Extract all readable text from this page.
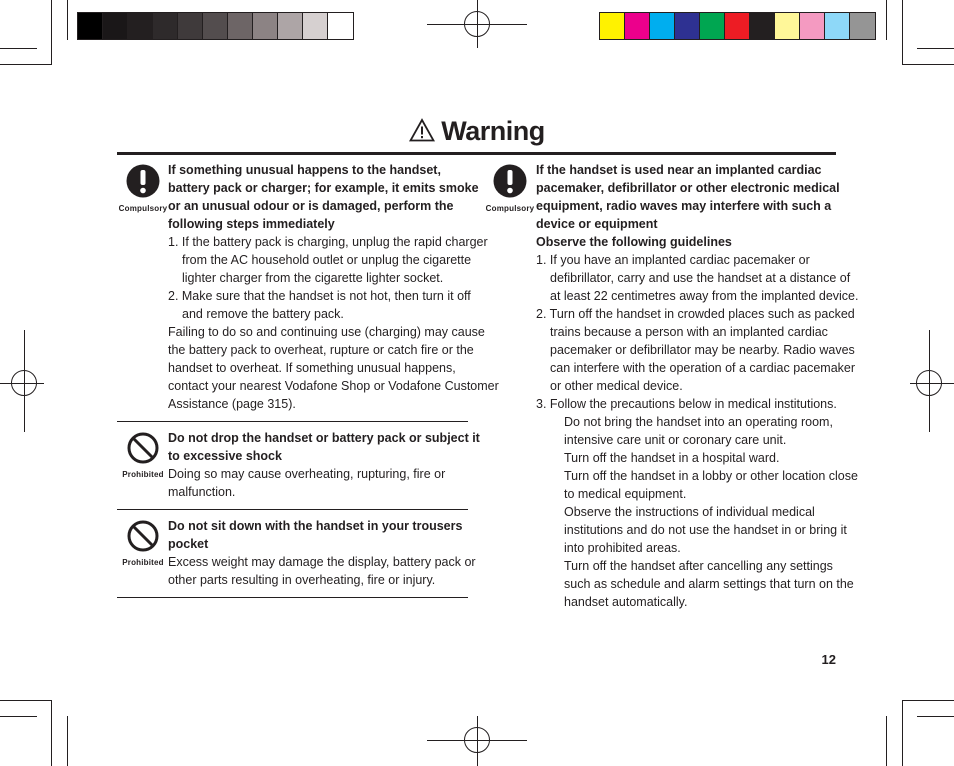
Warning
Compulsory
If something unusual happens to the handset,
battery pack or charger; for example, it emits smoke
or an unusual odour or is damaged, perform the
following steps immediately
1. If the battery pack is charging, unplug the rapid charger
from the AC household outlet or unplug the cigarette
lighter charger from the cigarette lighter socket.
2. Make sure that the handset is not hot, then turn it off
and remove the battery pack.
Failing to do so and continuing use (charging) may cause
the battery pack to overheat, rupture or catch fire or the
handset to overheat. If something unusual happens,
contact your nearest Vodafone Shop or Vodafone Customer
Assistance (page 315).
Prohibited
Do not drop the handset or battery pack or subject it
to excessive shock
Doing so may cause overheating, rupturing, fire or
malfunction.
Prohibited
Do not sit down with the handset in your trousers
pocket
Excess weight may damage the display, battery pack or
other parts resulting in overheating, fire or injury.
Compulsory
If the handset is used near an implanted cardiac
pacemaker, defibrillator or other electronic medical
equipment, radio waves may interfere with such a
device or equipment
Observe the following guidelines
1. If you have an implanted cardiac pacemaker or
defibrillator, carry and use the handset at a distance of
at least 22 centimetres away from the implanted device.
2. Turn off the handset in crowded places such as packed
trains because a person with an implanted cardiac
pacemaker or defibrillator may be nearby. Radio waves
can interfere with the operation of a cardiac pacemaker
or other medical device.
3. Follow the precautions below in medical institutions.
Do not bring the handset into an operating room,
intensive care unit or coronary care unit.
Turn off the handset in a hospital ward.
Turn off the handset in a lobby or other location close
to medical equipment.
Observe the instructions of individual medical
institutions and do not use the handset in or bring it
into prohibited areas.
Turn off the handset after cancelling any settings
such as schedule and alarm settings that turn on the
handset automatically.
12
